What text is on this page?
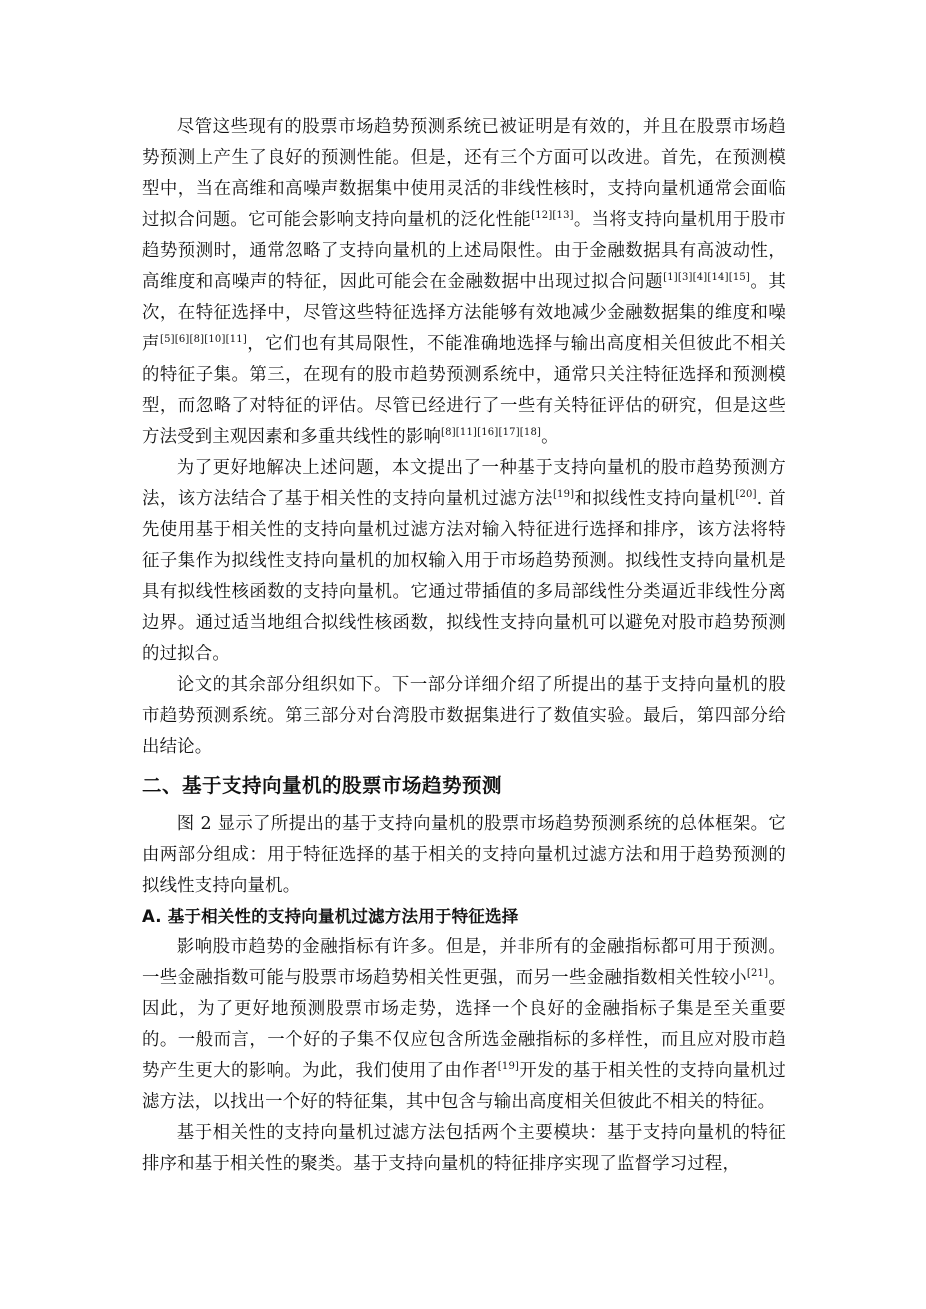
尽管这些现有的股票市场趋势预测系统已被证明是有效的，并且在股票市场趋势预测上产生了良好的预测性能。但是，还有三个方面可以改进。首先，在预测模型中，当在高维和高噪声数据集中使用灵活的非线性核时，支持向量机通常会面临过拟合问题。它可能会影响支持向量机的泛化性能[12][13]。当将支持向量机用于股市趋势预测时，通常忽略了支持向量机的上述局限性。由于金融数据具有高波动性，高维度和高噪声的特征，因此可能会在金融数据中出现过拟合问题[1][3][4][14][15]。其次，在特征选择中，尽管这些特征选择方法能够有效地减少金融数据集的维度和噪声[5][6][8][10][11]，它们也有其局限性，不能准确地选择与输出高度相关但彼此不相关的特征子集。第三，在现有的股市趋势预测系统中，通常只关注特征选择和预测模型，而忽略了对特征的评估。尽管已经进行了一些有关特征评估的研究，但是这些方法受到主观因素和多重共线性的影响[8][11][16][17][18]。

为了更好地解决上述问题，本文提出了一种基于支持向量机的股市趋势预测方法，该方法结合了基于相关性的支持向量机过滤方法[19]和拟线性支持向量机[20]. 首先使用基于相关性的支持向量机过滤方法对输入特征进行选择和排序，该方法将特征子集作为拟线性支持向量机的加权输入用于市场趋势预测。拟线性支持向量机是具有拟线性核函数的支持向量机。它通过带插值的多局部线性分类逼近非线性分离边界。通过适当地组合拟线性核函数，拟线性支持向量机可以避免对股市趋势预测的过拟合。

论文的其余部分组织如下。下一部分详细介绍了所提出的基于支持向量机的股市趋势预测系统。第三部分对台湾股市数据集进行了数值实验。最后，第四部分给出结论。

二、基于支持向量机的股票市场趋势预测

图 2 显示了所提出的基于支持向量机的股票市场趋势预测系统的总体框架。它由两部分组成：用于特征选择的基于相关的支持向量机过滤方法和用于趋势预测的拟线性支持向量机。

A. 基于相关性的支持向量机过滤方法用于特征选择

影响股市趋势的金融指标有许多。但是，并非所有的金融指标都可用于预测。一些金融指数可能与股票市场趋势相关性更强，而另一些金融指数相关性较小[21]。因此，为了更好地预测股票市场走势，选择一个良好的金融指标子集是至关重要的。一般而言，一个好的子集不仅应包含所选金融指标的多样性，而且应对股市趋势产生更大的影响。为此，我们使用了由作者[19]开发的基于相关性的支持向量机过滤方法，以找出一个好的特征集，其中包含与输出高度相关但彼此不相关的特征。

基于相关性的支持向量机过滤方法包括两个主要模块：基于支持向量机的特征排序和基于相关性的聚类。基于支持向量机的特征排序实现了监督学习过程，
